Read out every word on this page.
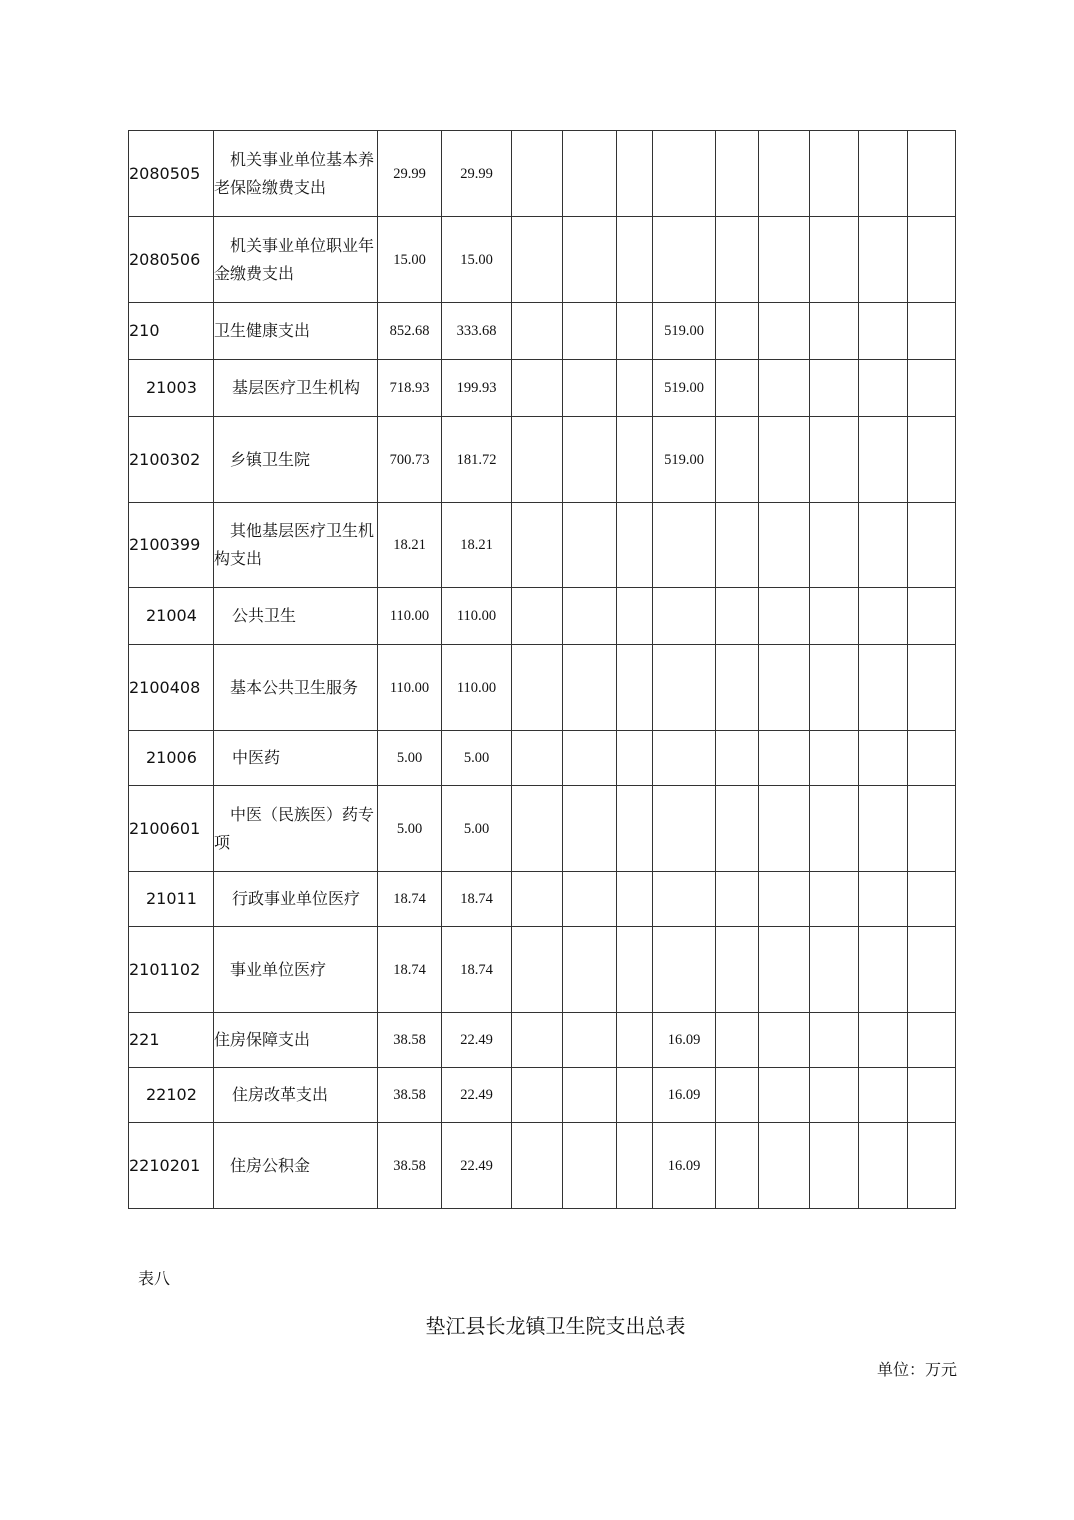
2080505	机关事业单位基本养老保险缴费支出	29.99	29.99									
2080506	机关事业单位职业年金缴费支出	15.00	15.00									
210	卫生健康支出	852.68	333.68				519.00					
21003	基层医疗卫生机构	718.93	199.93				519.00					
2100302	乡镇卫生院	700.73	181.72				519.00					
2100399	其他基层医疗卫生机构支出	18.21	18.21									
21004	公共卫生	110.00	110.00									
2100408	基本公共卫生服务	110.00	110.00									
21006	中医药	5.00	5.00									
2100601	中医（民族医）药专项	5.00	5.00									
21011	行政事业单位医疗	18.74	18.74									
2101102	事业单位医疗	18.74	18.74									
221	住房保障支出	38.58	22.49				16.09					
22102	住房改革支出	38.58	22.49				16.09					
2210201	住房公积金	38.58	22.49				16.09					
表八
垫江县长龙镇卫生院支出总表
单位：万元
